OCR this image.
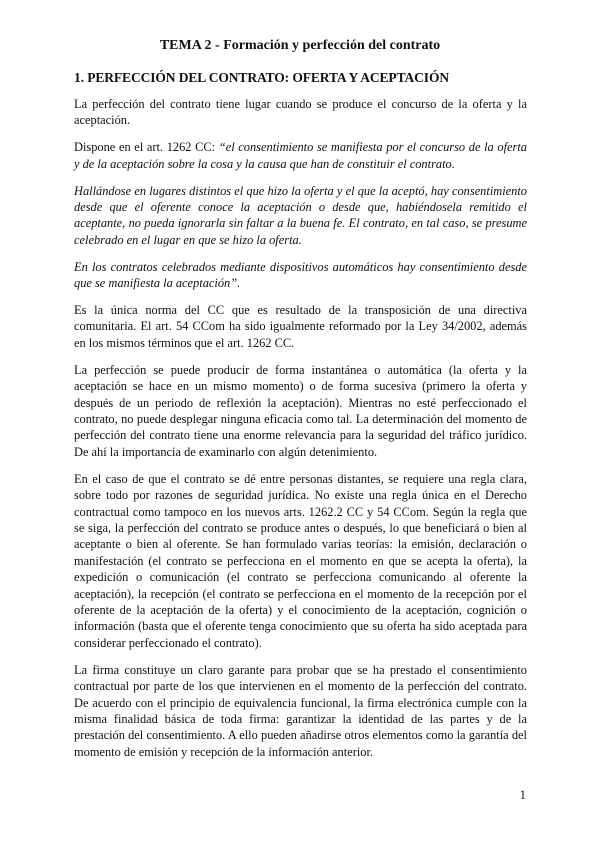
TEMA 2 - Formación y perfección del contrato
1. PERFECCIÓN DEL CONTRATO: OFERTA Y ACEPTACIÓN

La perfección del contrato tiene lugar cuando se produce el concurso de la oferta y la aceptación.

Dispone en el art. 1262 CC: “el consentimiento se manifiesta por el concurso de la oferta y de la aceptación sobre la cosa y la causa que han de constituir el contrato.

Hallándose en lugares distintos el que hizo la oferta y el que la aceptó, hay consentimiento desde que el oferente conoce la aceptación o desde que, habiéndosela remitido el aceptante, no pueda ignorarla sin faltar a la buena fe. El contrato, en tal caso, se presume celebrado en el lugar en que se hizo la oferta.

En los contratos celebrados mediante dispositivos automáticos hay consentimiento desde que se manifiesta la aceptación”.

Es la única norma del CC que es resultado de la transposición de una directiva comunitaria. El art. 54 CCom ha sido igualmente reformado por la Ley 34/2002, además en los mismos términos que el art. 1262 CC.

La perfección se puede producir de forma instantánea o automática (la oferta y la aceptación se hace en un mismo momento) o de forma sucesiva (primero la oferta y después de un periodo de reflexión la aceptación). Mientras no esté perfeccionado el contrato, no puede desplegar ninguna eficacia como tal. La determinación del momento de perfección del contrato tiene una enorme relevancia para la seguridad del tráfico jurídico. De ahí la importancia de examinarlo con algún detenimiento.

En el caso de que el contrato se dé entre personas distantes, se requiere una regla clara, sobre todo por razones de seguridad jurídica. No existe una regla única en el Derecho contractual como tampoco en los nuevos arts. 1262.2 CC y 54 CCom. Según la regla que se siga, la perfección del contrato se produce antes o después, lo que beneficiará o bien al aceptante o bien al oferente. Se han formulado varias teorías: la emisión, declaración o manifestación (el contrato se perfecciona en el momento en que se acepta la oferta), la expedición o comunicación (el contrato se perfecciona comunicando al oferente la aceptación), la recepción (el contrato se perfecciona en el momento de la recepción por el oferente de la aceptación de la oferta) y el conocimiento de la aceptación, cognición o información (basta que el oferente tenga conocimiento que su oferta ha sido aceptada para considerar perfeccionado el contrato).

La firma constituye un claro garante para probar que se ha prestado el consentimiento contractual por parte de los que intervienen en el momento de la perfección del contrato. De acuerdo con el principio de equivalencia funcional, la firma electrónica cumple con la misma finalidad básica de toda firma: garantizar la identidad de las partes y de la prestación del consentimiento. A ello pueden añadirse otros elementos como la garantía del momento de emisión y recepción de la información anterior.

1
